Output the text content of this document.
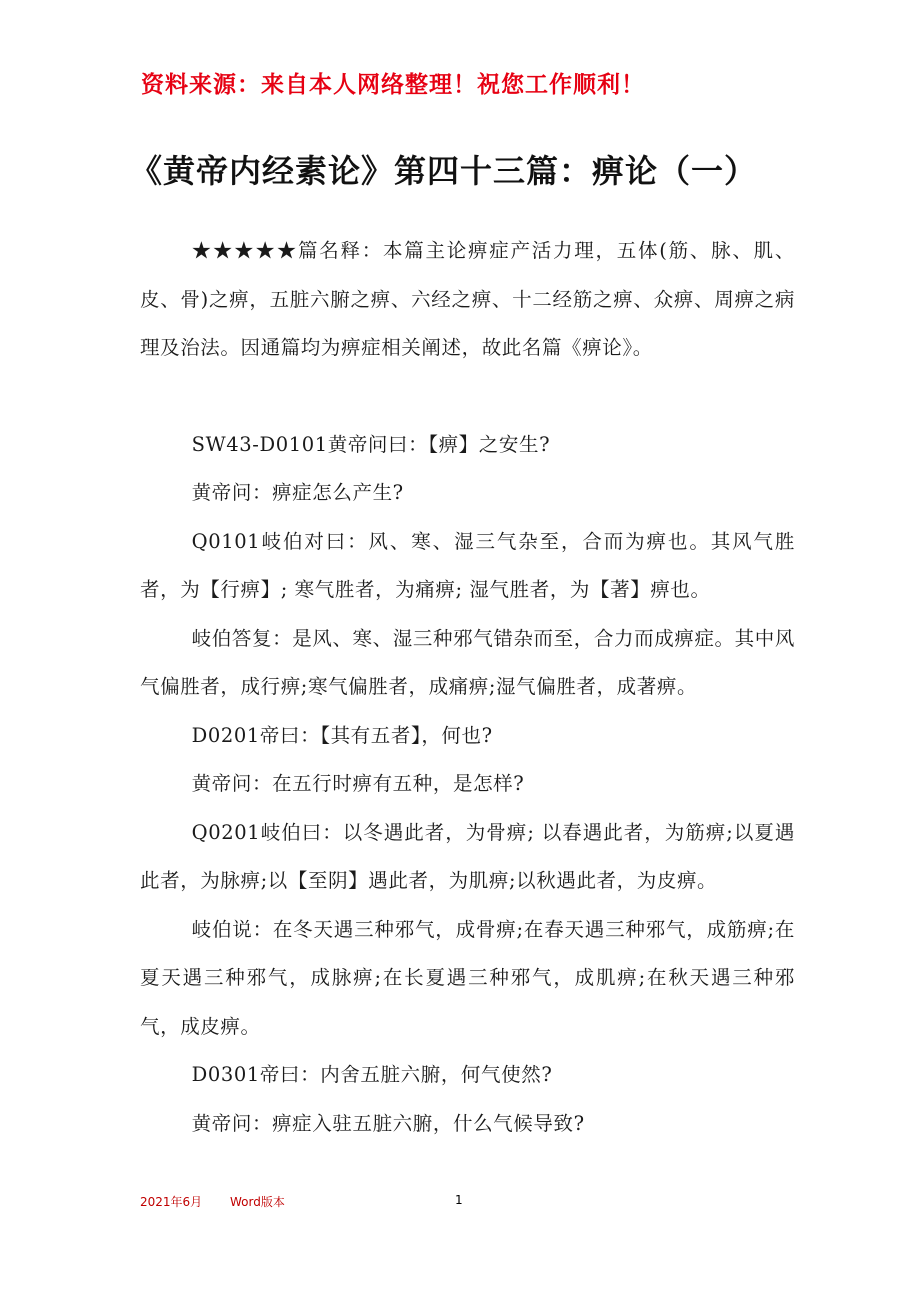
资料来源：来自本人网络整理！祝您工作顺利！
《黄帝内经素论》第四十三篇：痹论（一）

★★★★★篇名释：本篇主论痹症产活力理，五体(筋、脉、肌、皮、骨)之痹，五脏六腑之痹、六经之痹、十二经筋之痹、众痹、周痹之病理及治法。因通篇均为痹症相关阐述，故此名篇《痹论》。

SW43-D0101黄帝问曰：【痹】之安生?

黄帝问：痹症怎么产生?

Q0101岐伯对曰：风、寒、湿三气杂至，合而为痹也。其风气胜者，为【行痹】; 寒气胜者，为痛痹; 湿气胜者，为【著】痹也。

岐伯答复：是风、寒、湿三种邪气错杂而至，合力而成痹症。其中风气偏胜者，成行痹;寒气偏胜者，成痛痹;湿气偏胜者，成著痹。

D0201帝曰：【其有五者】，何也?

黄帝问：在五行时痹有五种，是怎样?

Q0201岐伯曰：以冬遇此者，为骨痹; 以春遇此者，为筋痹;以夏遇此者，为脉痹;以【至阴】遇此者，为肌痹;以秋遇此者，为皮痹。

岐伯说：在冬天遇三种邪气，成骨痹;在春天遇三种邪气，成筋痹;在夏天遇三种邪气，成脉痹;在长夏遇三种邪气，成肌痹;在秋天遇三种邪气，成皮痹。

D0301帝曰：内舍五脏六腑，何气使然?

黄帝问：痹症入驻五脏六腑，什么气候导致?

2021年6月 Word版本	1
